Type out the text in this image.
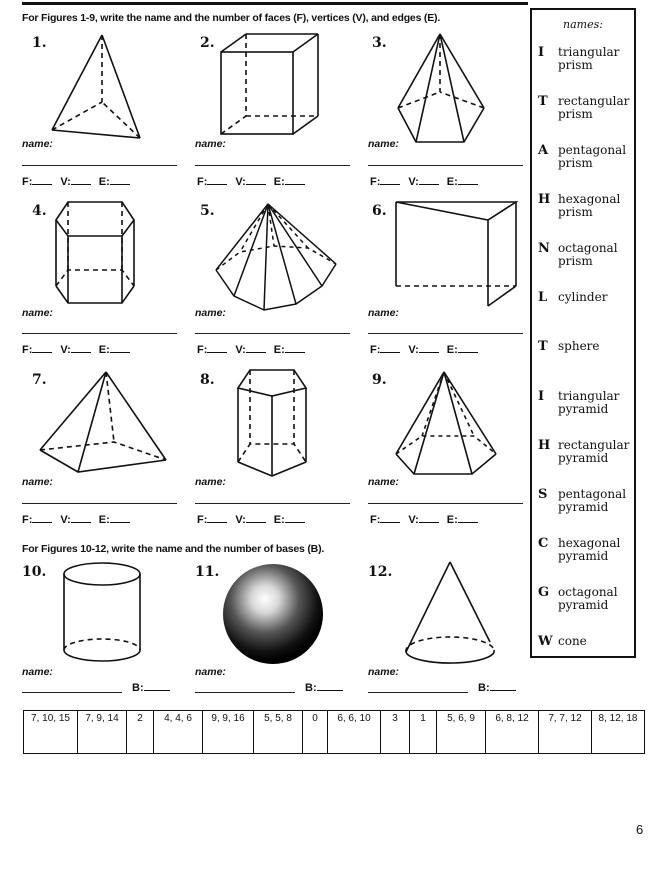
For Figures 1-9, write the name and the number of faces (F), vertices (V), and edges (E).
For Figures 10-12, write the name and the number of bases (B).
1.
name:
F:	V:	E:
2.
name:
F:	V:	E:
3.
name:
F:	V:	E:
4.
name:
F:	V:	E:
5.
name:
F:	V:	E:
6.
name:
F:	V:	E:
7.
name:
F:	V:	E:
8.
name:
F:	V:	E:
9.
name:
F:	V:	E:
10.
name:
B:
11.
name:
B:
12.
name:
B:
names:
I triangular prism
T rectangular prism
A pentagonal prism
H hexagonal prism
N octagonal prism
L cylinder
T sphere
I triangular pyramid
H rectangular pyramid
S pentagonal pyramid
C hexagonal pyramid
G octagonal pyramid
W cone
7, 10, 15	7, 9, 14	2	4, 4, 6	9, 9, 16	5, 5, 8	0	6, 6, 10	3	1	5, 6, 9	6, 8, 12	7, 7, 12	8, 12, 18
6
